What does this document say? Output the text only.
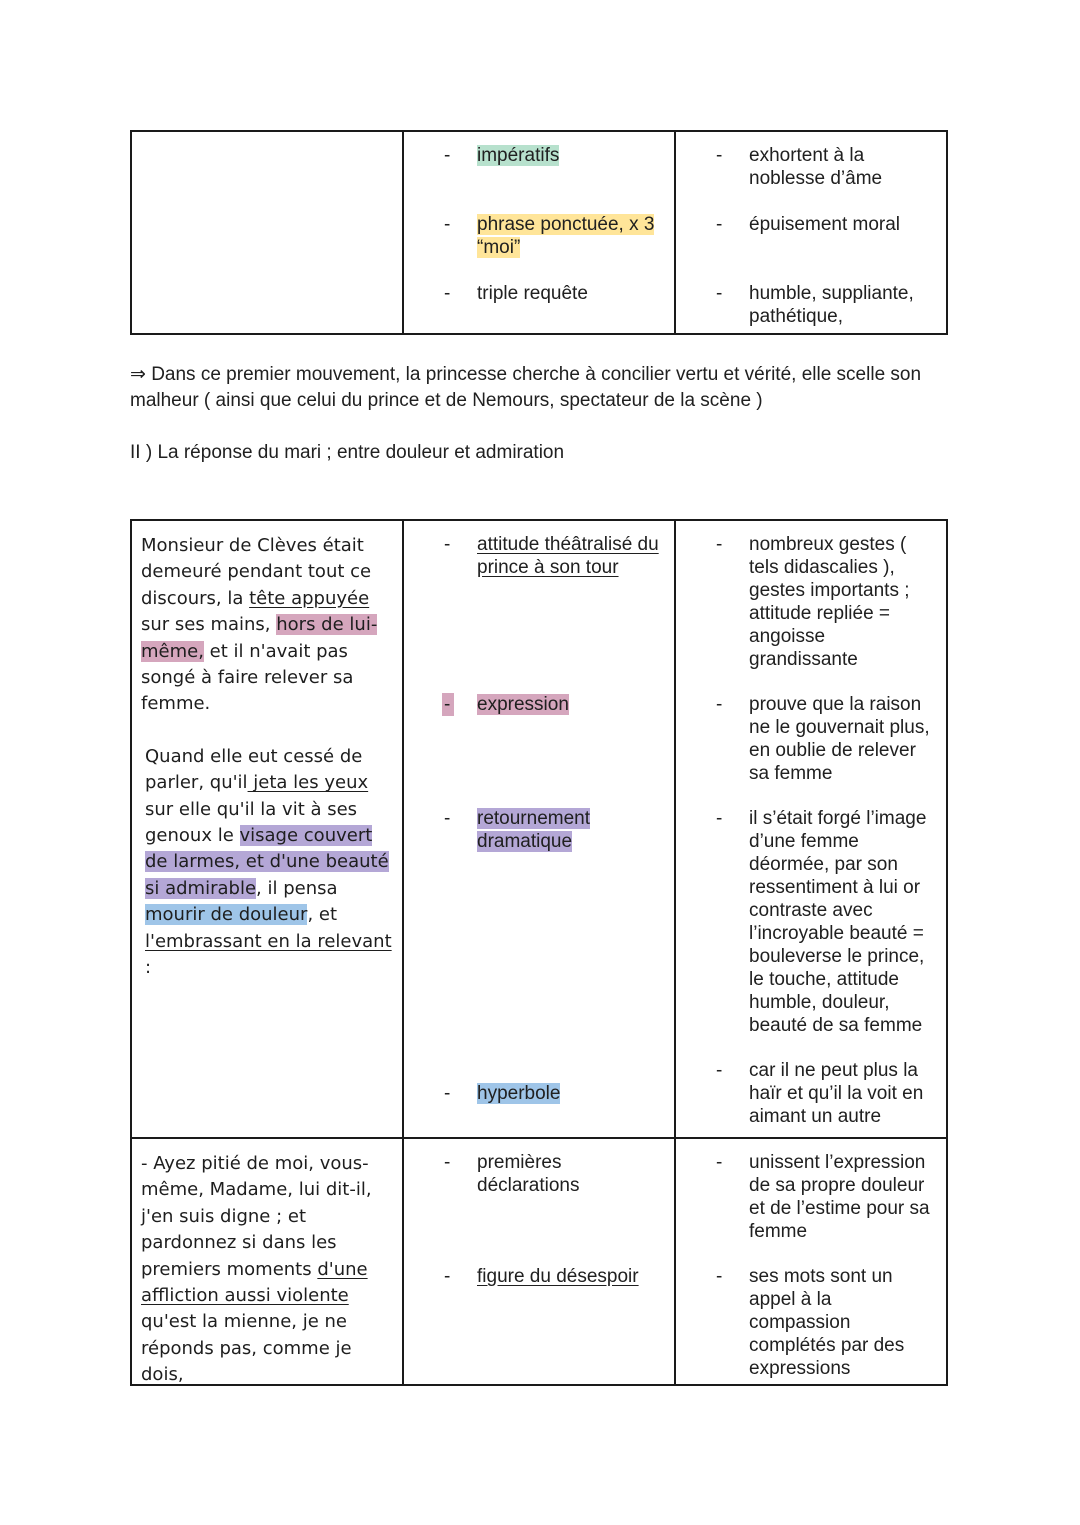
- impératifs
- phrase ponctuée, x 3 “moi”
- triple requête
- exhortent à la noblesse d’âme
- épuisement moral
- humble, suppliante, pathétique,
⇒ Dans ce premier mouvement, la princesse cherche à concilier vertu et vérité, elle scelle son malheur ( ainsi que celui du prince et de Nemours, spectateur de la scène )
II ) La réponse du mari ; entre douleur et admiration

Monsieur de Clèves était demeuré pendant tout ce discours, la tête appuyée sur ses mains, hors de lui-même, et il n'avait pas songé à faire relever sa femme.

Quand elle eut cessé de parler, qu'il jeta les yeux sur elle qu'il la vit à ses genoux le visage couvert de larmes, et d'une beauté si admirable, il pensa mourir de douleur, et l'embrassant en la relevant :

- attitude théâtralisé du prince à son tour
- expression
- retournement dramatique
- hyperbole
- nombreux gestes ( tels didascalies ), gestes importants ; attitude repliée = angoisse grandissante
- prouve que la raison ne le gouvernait plus, en oublie de relever sa femme
- il s’était forgé l’image d’une femme déormée, par son ressentiment à lui or contraste avec l’incroyable beauté = bouleverse le prince, le touche, attitude humble, douleur, beauté de sa femme
- car il ne peut plus la haïr et qu’il la voit en aimant un autre

- Ayez pitié de moi, vous-même, Madame, lui dit-il, j'en suis digne ; et pardonnez si dans les premiers moments d'une affliction aussi violente qu'est la mienne, je ne réponds pas, comme je dois,

- premières déclarations
- figure du désespoir
- unissent l’expression de sa propre douleur et de l’estime pour sa femme
- ses mots sont un appel à la compassion complétés par des expressions
